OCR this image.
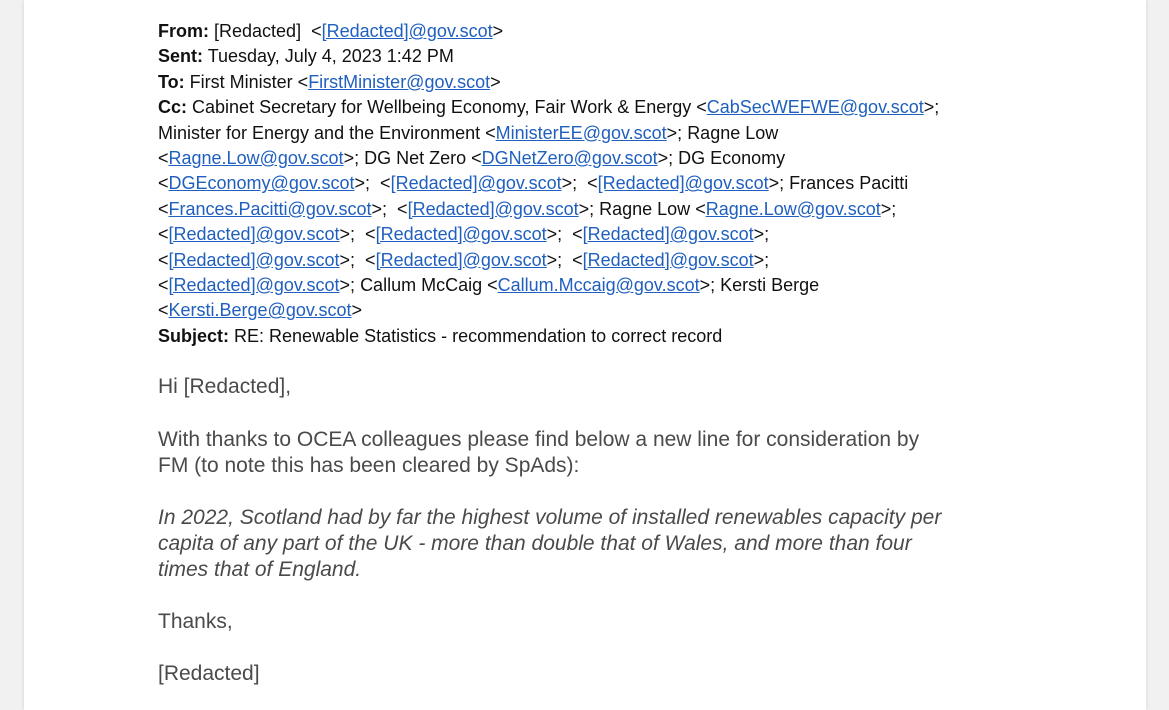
From: [Redacted]  <[Redacted]@gov.scot>
Sent: Tuesday, July 4, 2023 1:42 PM
To: First Minister <FirstMinister@gov.scot>
Cc: Cabinet Secretary for Wellbeing Economy, Fair Work & Energy <CabSecWEFWE@gov.scot>;
Minister for Energy and the Environment <MinisterEE@gov.scot>; Ragne Low
<Ragne.Low@gov.scot>; DG Net Zero <DGNetZero@gov.scot>; DG Economy
<DGEconomy@gov.scot>;  <[Redacted]@gov.scot>;  <[Redacted]@gov.scot>; Frances Pacitti
<Frances.Pacitti@gov.scot>;  <[Redacted]@gov.scot>; Ragne Low <Ragne.Low@gov.scot>;
<[Redacted]@gov.scot>;  <[Redacted]@gov.scot>;  <[Redacted]@gov.scot>;
<[Redacted]@gov.scot>;  <[Redacted]@gov.scot>;  <[Redacted]@gov.scot>;
<[Redacted]@gov.scot>; Callum McCaig <Callum.Mccaig@gov.scot>; Kersti Berge
<Kersti.Berge@gov.scot>
Subject: RE: Renewable Statistics - recommendation to correct record
Hi [Redacted],
With thanks to OCEA colleagues please find below a new line for consideration by
FM (to note this has been cleared by SpAds):
In 2022, Scotland had by far the highest volume of installed renewables capacity per
capita of any part of the UK - more than double that of Wales, and more than four
times that of England.
Thanks,
[Redacted]
